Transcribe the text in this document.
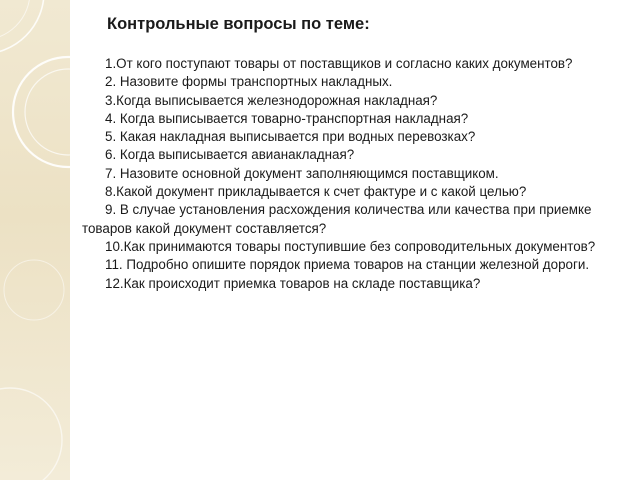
Контрольные вопросы по теме:
1.От кого поступают товары от поставщиков и согласно каких документов?
2. Назовите формы транспортных накладных.
3.Когда выписывается железнодорожная накладная?
4. Когда выписывается товарно-транспортная накладная?
5. Какая накладная выписывается при водных перевозках?
6. Когда выписывается авианакладная?
7. Назовите основной документ заполняющимся поставщиком.
8.Какой документ прикладывается к счет фактуре и с какой целью?
9. В случае установления расхождения количества или качества при приемке товаров какой документ составляется?
10.Как принимаются товары поступившие без сопроводительных документов?
11. Подробно опишите порядок приема товаров на станции железной дороги.
12.Как происходит приемка товаров на складе поставщика?
